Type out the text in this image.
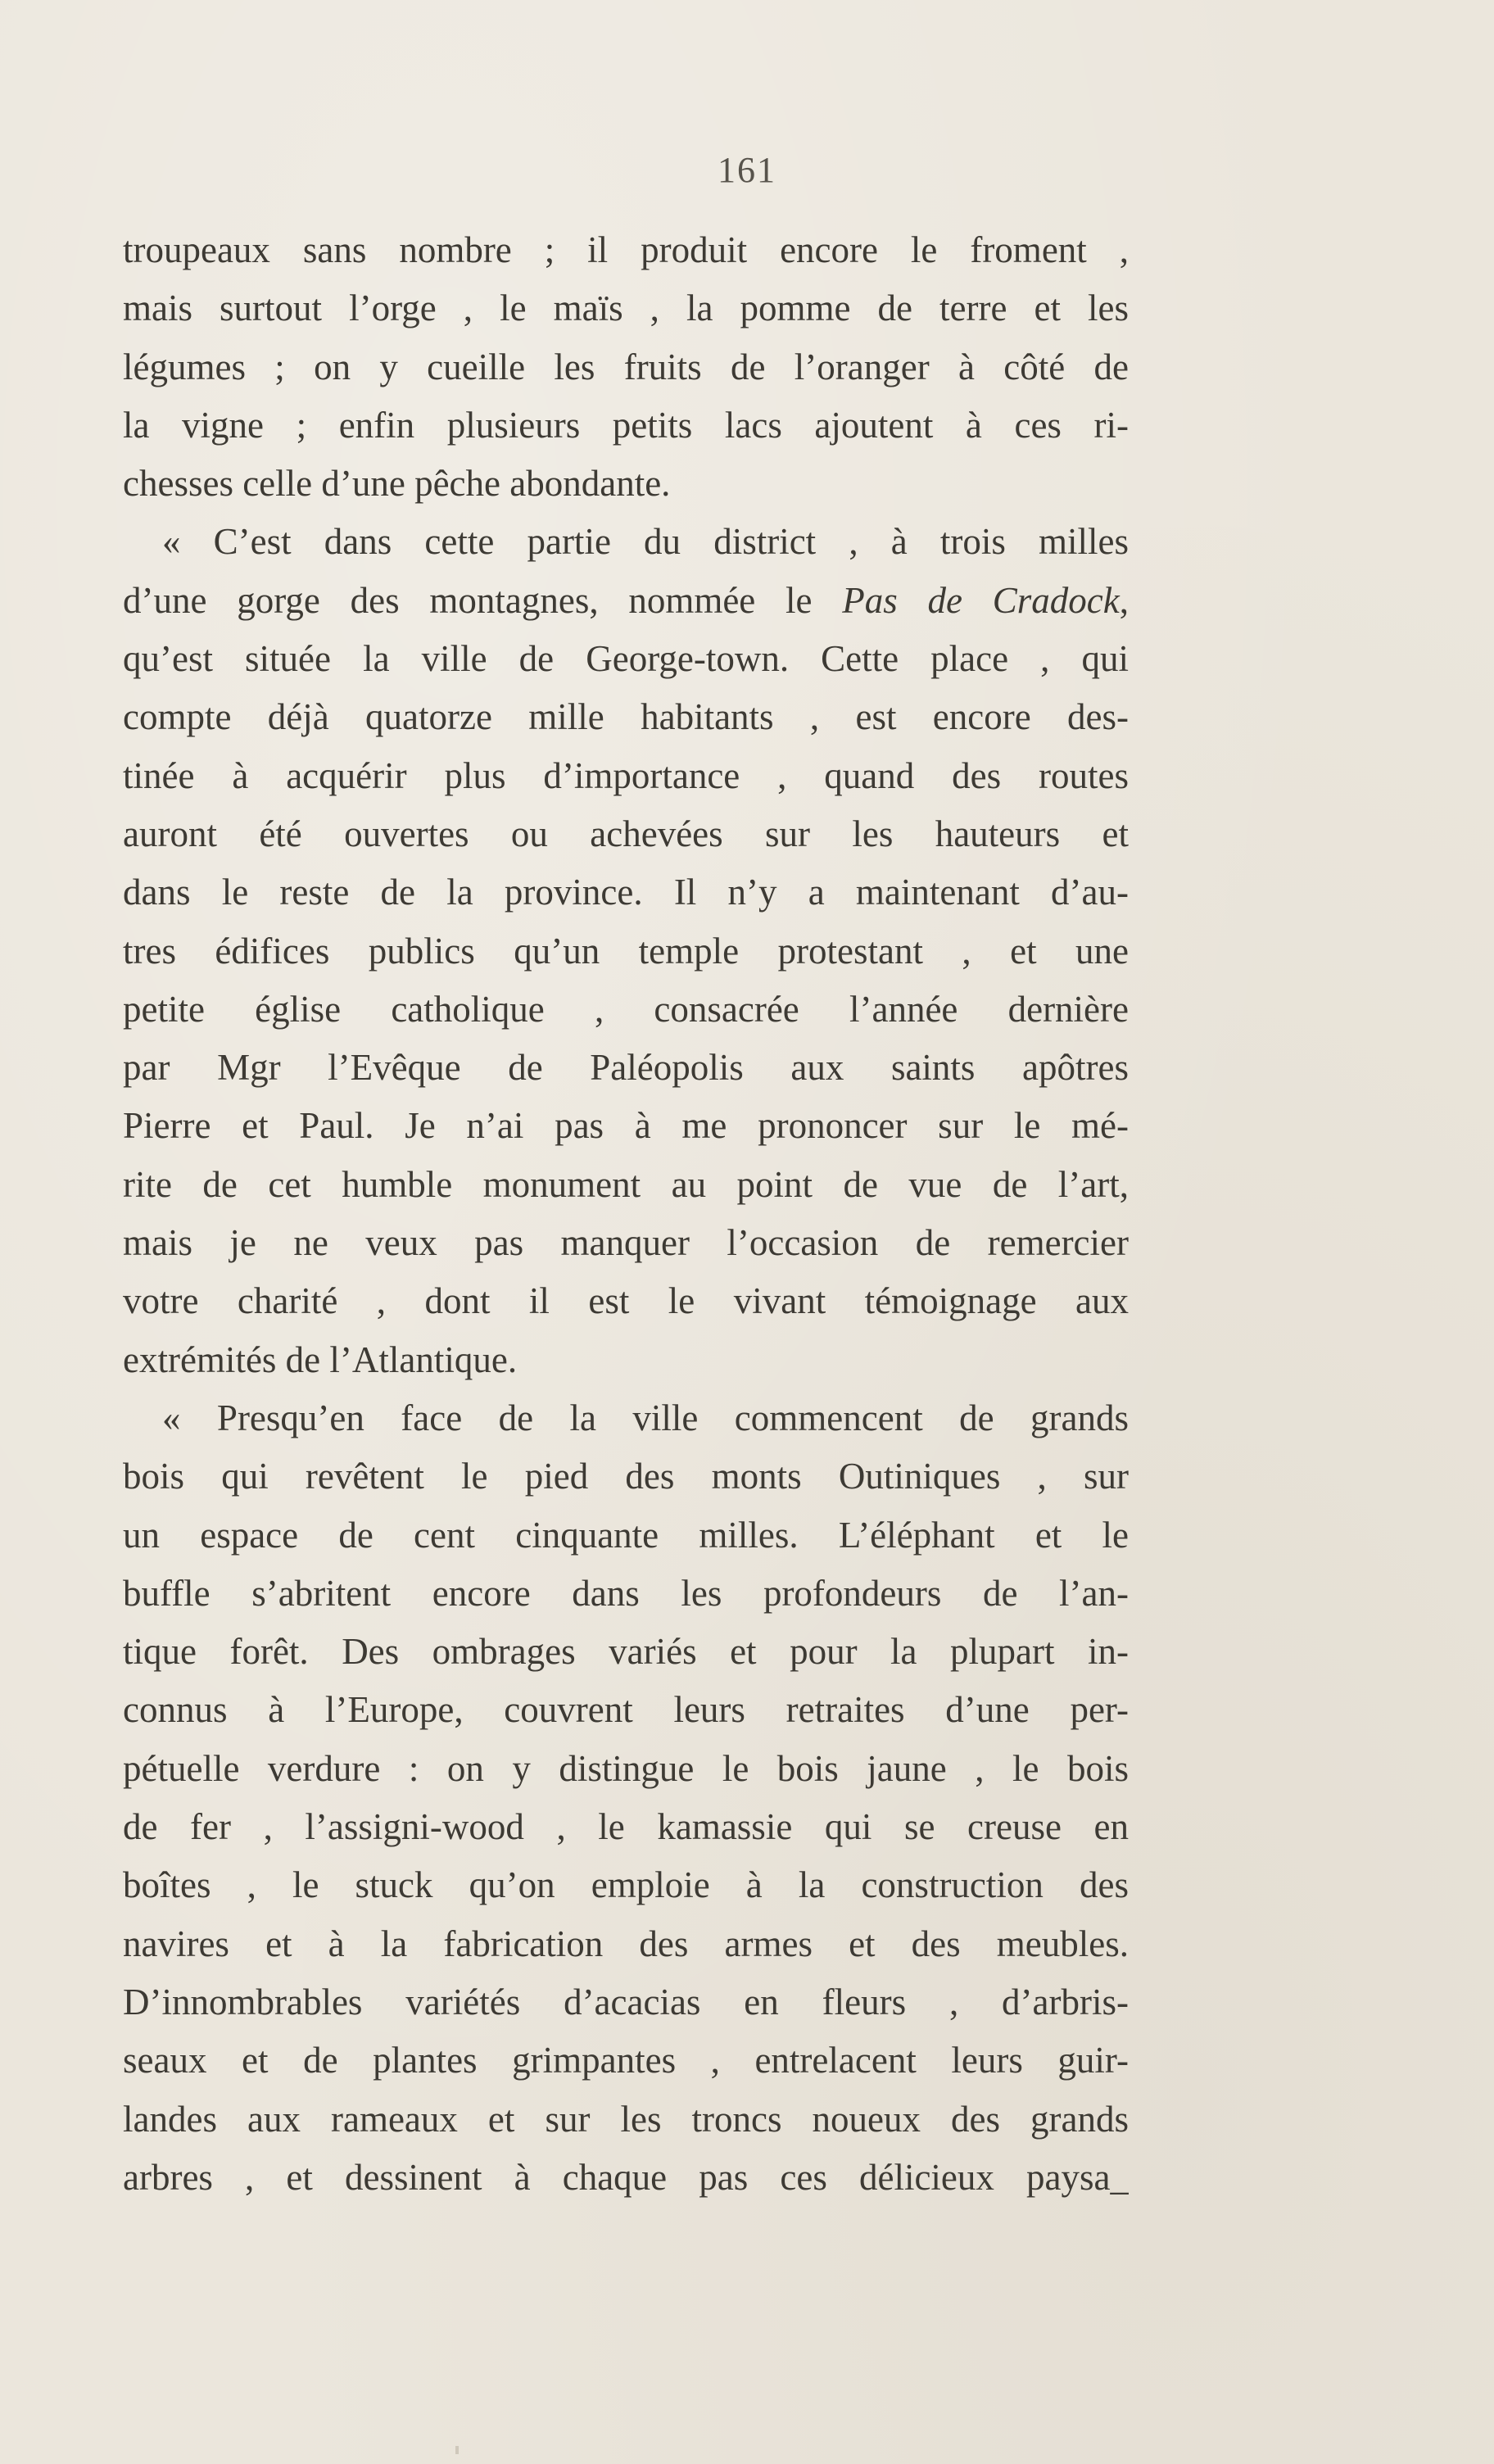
161
troupeaux sans nombre ; il produit encore le froment ,
mais surtout l’orge , le maïs , la pomme de terre et les
légumes ; on y cueille les fruits de l’oranger à côté de
la vigne ; enfin plusieurs petits lacs ajoutent à ces ri-
chesses celle d’une pêche abondante.
« C’est dans cette partie du district , à trois milles
d’une gorge des montagnes, nommée le Pas de Cradock,
qu’est située la ville de George-town. Cette place , qui
compte déjà quatorze mille habitants , est encore des-
tinée à acquérir plus d’importance , quand des routes
auront été ouvertes ou achevées sur les hauteurs et
dans le reste de la province. Il n’y a maintenant d’au-
tres édifices publics qu’un temple protestant , et une
petite église catholique , consacrée l’année dernière
par Mgr l’Evêque de Paléopolis aux saints apôtres
Pierre et Paul. Je n’ai pas à me prononcer sur le mé-
rite de cet humble monument au point de vue de l’art,
mais je ne veux pas manquer l’occasion de remercier
votre charité , dont il est le vivant témoignage aux
extrémités de l’Atlantique.
« Presqu’en face de la ville commencent de grands
bois qui revêtent le pied des monts Outiniques , sur
un espace de cent cinquante milles. L’éléphant et le
buffle s’abritent encore dans les profondeurs de l’an-
tique forêt. Des ombrages variés et pour la plupart in-
connus à l’Europe, couvrent leurs retraites d’une per-
pétuelle verdure : on y distingue le bois jaune , le bois
de fer , l’assigni-wood , le kamassie qui se creuse en
boîtes , le stuck qu’on emploie à la construction des
navires et à la fabrication des armes et des meubles.
D’innombrables variétés d’acacias en fleurs , d’arbris-
seaux et de plantes grimpantes , entrelacent leurs guir-
landes aux rameaux et sur les troncs noueux des grands
arbres , et dessinent à chaque pas ces délicieux paysa_
